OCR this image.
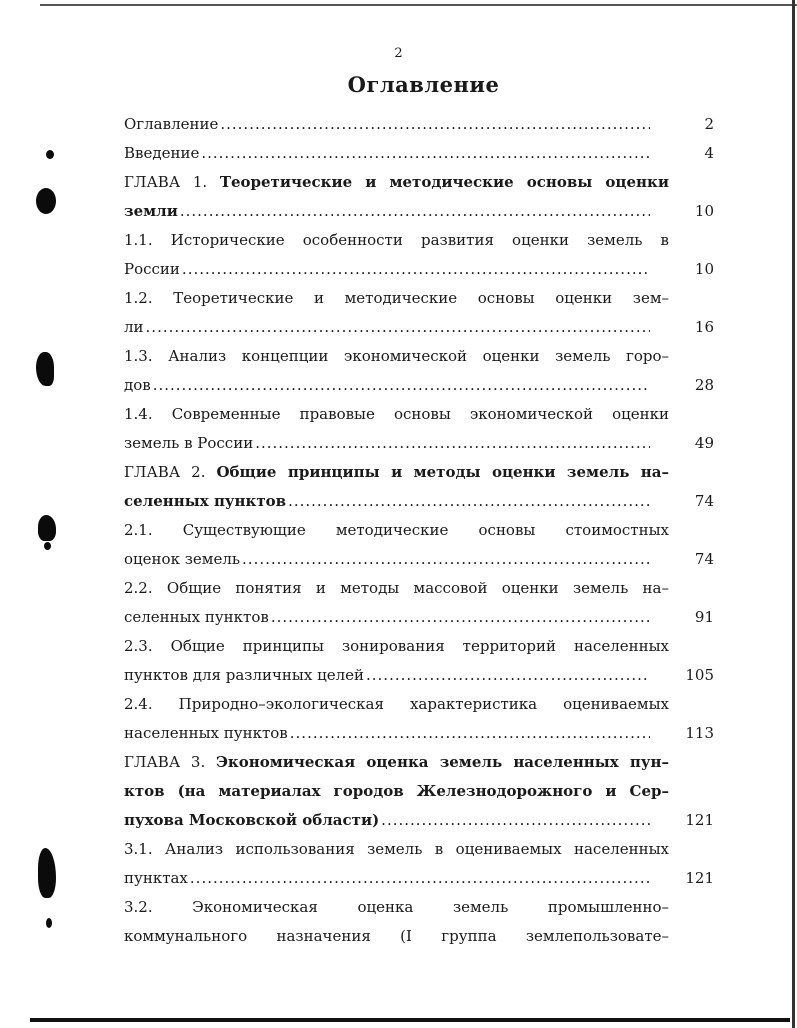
2
Оглавление
Оглавление .....	2
Введение .....	4
ГЛАВА 1. Теоретические и методические основы оценки
земли .....	10
1.1. Исторические особенности развития оценки земель в
России .....	10
1.2. Теоретические и методические основы оценки зем–
ли .....	16
1.3. Анализ концепции экономической оценки земель горо–
дов .....	28
1.4. Современные правовые основы экономической оценки
земель в России .....	49
ГЛАВА 2. Общие принципы и методы оценки земель на–
селенных пунктов .....	74
2.1. Существующие методические основы стоимостных
оценок земель .....	74
2.2. Общие понятия и методы массовой оценки земель на–
селенных пунктов .....	91
2.3. Общие принципы зонирования территорий населенных
пунктов для различных целей .....	105
2.4. Природно–экологическая характеристика оцениваемых
населенных пунктов .....	113
ГЛАВА 3. Экономическая оценка земель населенных пун–
ктов (на материалах городов Железнодорожного и Сер–
пухова Московской области) .....	121
3.1. Анализ использования земель в оцениваемых населенных
пунктах .....	121
3.2. Экономическая оценка земель промышленно–
коммунального назначения (I группа землепользовате–
